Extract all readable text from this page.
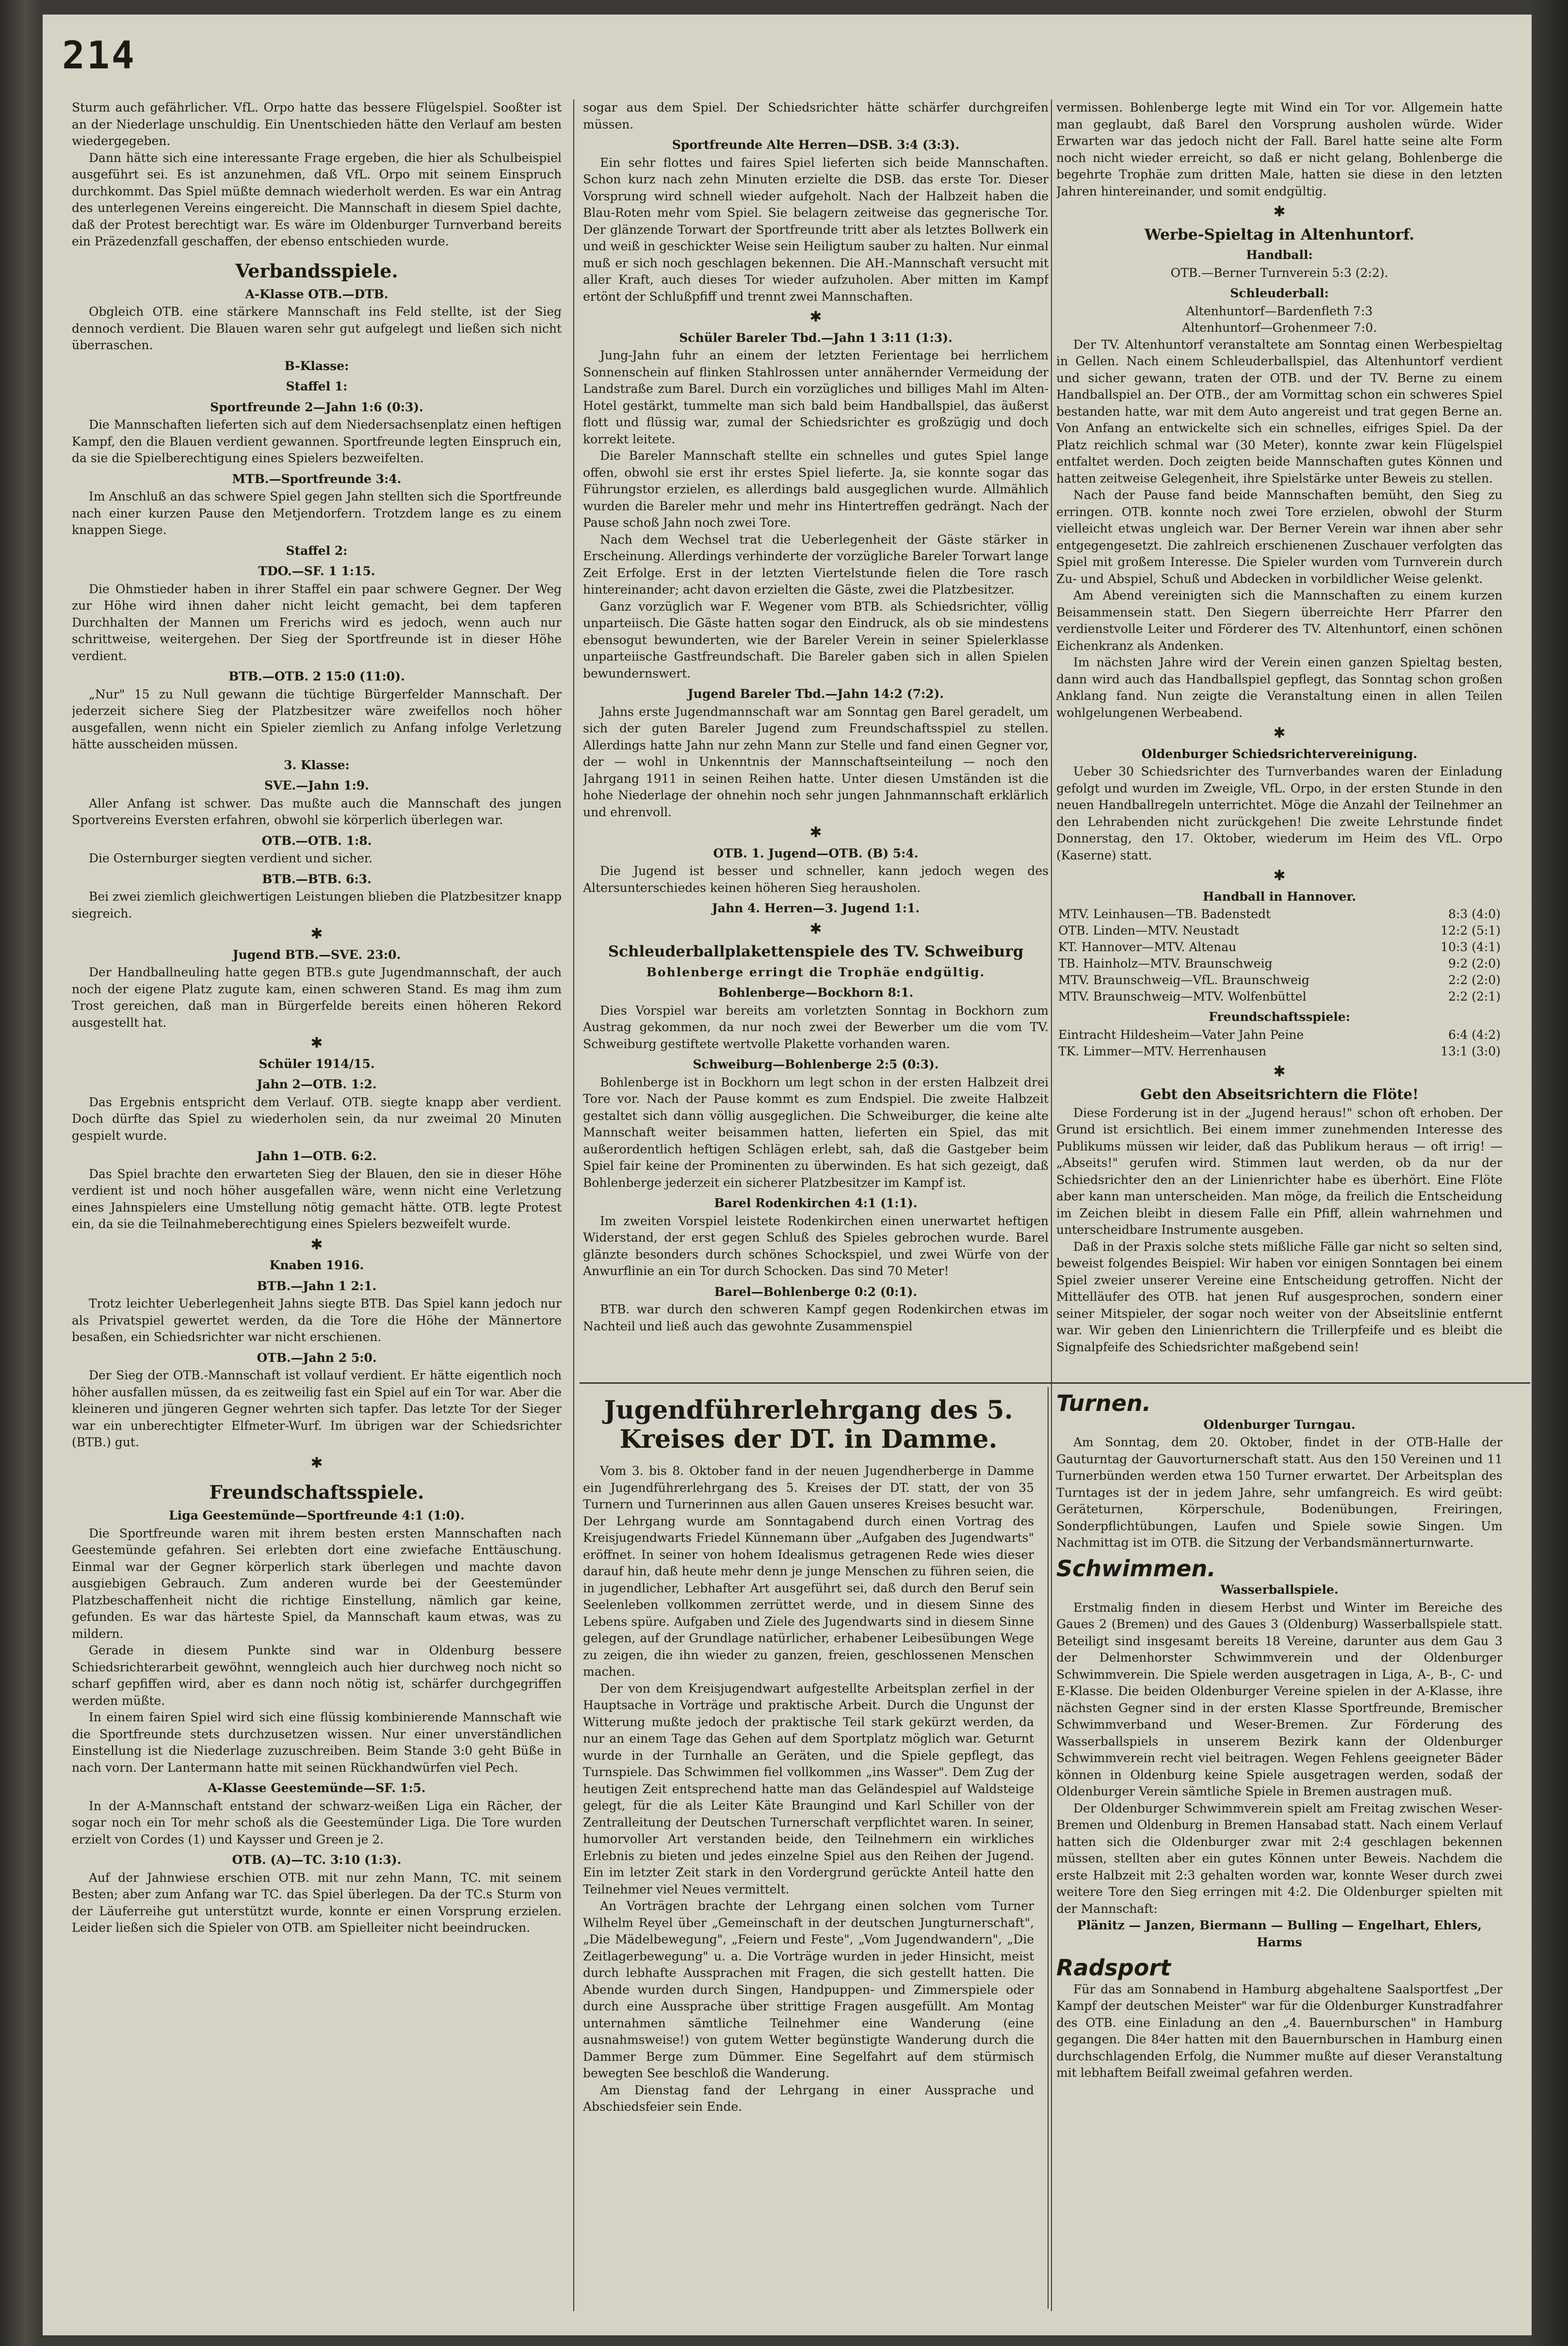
214

Sturm auch gefährlicher. VfL. Orpo hatte das bessere Flügelspiel. Sooßter ist an der Niederlage unschuldig. Ein Unentschieden hätte den Verlauf am besten wiedergegeben.

Dann hätte sich eine interessante Frage ergeben, die hier als Schulbeispiel ausgeführt sei. Es ist anzunehmen, daß VfL. Orpo mit seinem Einspruch durchkommt. Das Spiel müßte demnach wiederholt werden. Es war ein Antrag des unterlegenen Vereins eingereicht. Die Mannschaft in diesem Spiel dachte, daß der Protest berechtigt war. Es wäre im Oldenburger Turnverband bereits ein Präzedenzfall geschaffen, der ebenso entschieden wurde.

Verbandsspiele.
A-Klasse OTB.—DTB.

Obgleich OTB. eine stärkere Mannschaft ins Feld stellte, ist der Sieg dennoch verdient. Die Blauen waren sehr gut aufgelegt und ließen sich nicht überraschen.

B-Klasse:
Staffel 1:
Sportfreunde 2—Jahn 1:6 (0:3).

Die Mannschaften lieferten sich auf dem Niedersachsenplatz einen heftigen Kampf, den die Blauen verdient gewannen. Sportfreunde legten Einspruch ein, da sie die Spielberechtigung eines Spielers bezweifelten.

MTB.—Sportfreunde 3:4.

Im Anschluß an das schwere Spiel gegen Jahn stellten sich die Sportfreunde nach einer kurzen Pause den Metjendorfern. Trotzdem lange es zu einem knappen Siege.

Staffel 2:
TDO.—SF. 1 1:15.

Die Ohmstieder haben in ihrer Staffel ein paar schwere Gegner. Der Weg zur Höhe wird ihnen daher nicht leicht gemacht, bei dem tapferen Durchhalten der Mannen um Frerichs wird es jedoch, wenn auch nur schrittweise, weitergehen. Der Sieg der Sportfreunde ist in dieser Höhe verdient.

BTB.—OTB. 2 15:0 (11:0).

„Nur" 15 zu Null gewann die tüchtige Bürgerfelder Mannschaft. Der jederzeit sichere Sieg der Platzbesitzer wäre zweifellos noch höher ausgefallen, wenn nicht ein Spieler ziemlich zu Anfang infolge Verletzung hätte ausscheiden müssen.

3. Klasse:
SVE.—Jahn 1:9.

Aller Anfang ist schwer. Das mußte auch die Mannschaft des jungen Sportvereins Eversten erfahren, obwohl sie körperlich überlegen war.

OTB.—OTB. 1:8.

Die Osternburger siegten verdient und sicher.

BTB.—BTB. 6:3.

Bei zwei ziemlich gleichwertigen Leistungen blieben die Platzbesitzer knapp siegreich.

✱

Jugend BTB.—SVE. 23:0.

Der Handballneuling hatte gegen BTB.s gute Jugendmannschaft, der auch noch der eigene Platz zugute kam, einen schweren Stand. Es mag ihm zum Trost gereichen, daß man in Bürgerfelde bereits einen höheren Rekord ausgestellt hat.

✱

Schüler 1914/15.
Jahn 2—OTB. 1:2.

Das Ergebnis entspricht dem Verlauf. OTB. siegte knapp aber verdient. Doch dürfte das Spiel zu wiederholen sein, da nur zweimal 20 Minuten gespielt wurde.

Jahn 1—OTB. 6:2.

Das Spiel brachte den erwarteten Sieg der Blauen, den sie in dieser Höhe verdient ist und noch höher ausgefallen wäre, wenn nicht eine Verletzung eines Jahnspielers eine Umstellung nötig gemacht hätte. OTB. legte Protest ein, da sie die Teilnahmeberechtigung eines Spielers bezweifelt wurde.

✱

Knaben 1916.
BTB.—Jahn 1 2:1.

Trotz leichter Ueberlegenheit Jahns siegte BTB. Das Spiel kann jedoch nur als Privatspiel gewertet werden, da die Tore die Höhe der Männertore besaßen, ein Schiedsrichter war nicht erschienen.

OTB.—Jahn 2 5:0.

Der Sieg der OTB.-Mannschaft ist vollauf verdient. Er hätte eigentlich noch höher ausfallen müssen, da es zeitweilig fast ein Spiel auf ein Tor war. Aber die kleineren und jüngeren Gegner wehrten sich tapfer. Das letzte Tor der Sieger war ein unberechtigter Elfmeter-Wurf. Im übrigen war der Schiedsrichter (BTB.) gut.

✱

Freundschaftsspiele.
Liga Geestemünde—Sportfreunde 4:1 (1:0).

Die Sportfreunde waren mit ihrem besten ersten Mannschaften nach Geestemünde gefahren. Sei erlebten dort eine zwiefache Enttäuschung. Einmal war der Gegner körperlich stark überlegen und machte davon ausgiebigen Gebrauch. Zum anderen wurde bei der Geestemünder Platzbeschaffenheit nicht die richtige Einstellung, nämlich gar keine, gefunden. Es war das härteste Spiel, da Mannschaft kaum etwas, was zu mildern.

Gerade in diesem Punkte sind war in Oldenburg bessere Schiedsrichterarbeit gewöhnt, wenngleich auch hier durchweg noch nicht so scharf gepfiffen wird, aber es dann noch nötig ist, schärfer durchgegriffen werden müßte.

In einem fairen Spiel wird sich eine flüssig kombinierende Mannschaft wie die Sportfreunde stets durchzusetzen wissen. Nur einer unverständlichen Einstellung ist die Niederlage zuzuschreiben. Beim Stande 3:0 geht Büße in nach vorn. Der Lantermann hatte mit seinen Rückhandwürfen viel Pech.

A-Klasse Geestemünde—SF. 1:5.

In der A-Mannschaft entstand der schwarz-weißen Liga ein Rächer, der sogar noch ein Tor mehr schoß als die Geestemünder Liga. Die Tore wurden erzielt von Cordes (1) und Kaysser und Green je 2.

OTB. (A)—TC. 3:10 (1:3).

Auf der Jahnwiese erschien OTB. mit nur zehn Mann, TC. mit seinem Besten; aber zum Anfang war TC. das Spiel überlegen. Da der TC.s Sturm von der Läuferreihe gut unterstützt wurde, konnte er einen Vorsprung erzielen. Leider ließen sich die Spieler von OTB. am Spielleiter nicht beeindrucken.

sogar aus dem Spiel. Der Schiedsrichter hätte schärfer durchgreifen müssen.

Sportfreunde Alte Herren—DSB. 3:4 (3:3).

Ein sehr flottes und faires Spiel lieferten sich beide Mannschaften. Schon kurz nach zehn Minuten erzielte die DSB. das erste Tor. Dieser Vorsprung wird schnell wieder aufgeholt. Nach der Halbzeit haben die Blau-Roten mehr vom Spiel. Sie belagern zeitweise das gegnerische Tor. Der glänzende Torwart der Sportfreunde tritt aber als letztes Bollwerk ein und weiß in geschickter Weise sein Heiligtum sauber zu halten. Nur einmal muß er sich noch geschlagen bekennen. Die AH.-Mannschaft versucht mit aller Kraft, auch dieses Tor wieder aufzuholen. Aber mitten im Kampf ertönt der Schlußpfiff und trennt zwei Mannschaften.

✱

Schüler Bareler Tbd.—Jahn 1 3:11 (1:3).

Jung-Jahn fuhr an einem der letzten Ferientage bei herrlichem Sonnenschein auf flinken Stahlrossen unter annähernder Vermeidung der Landstraße zum Barel. Durch ein vorzügliches und billiges Mahl im Alten-Hotel gestärkt, tummelte man sich bald beim Handballspiel, das äußerst flott und flüssig war, zumal der Schiedsrichter es großzügig und doch korrekt leitete.

Die Bareler Mannschaft stellte ein schnelles und gutes Spiel lange offen, obwohl sie erst ihr erstes Spiel lieferte. Ja, sie konnte sogar das Führungstor erzielen, es allerdings bald ausgeglichen wurde. Allmählich wurden die Bareler mehr und mehr ins Hintertreffen gedrängt. Nach der Pause schoß Jahn noch zwei Tore.

Nach dem Wechsel trat die Ueberlegenheit der Gäste stärker in Erscheinung. Allerdings verhinderte der vorzügliche Bareler Torwart lange Zeit Erfolge. Erst in der letzten Viertelstunde fielen die Tore rasch hintereinander; acht davon erzielten die Gäste, zwei die Platzbesitzer.

Ganz vorzüglich war F. Wegener vom BTB. als Schiedsrichter, völlig unparteiisch. Die Gäste hatten sogar den Eindruck, als ob sie mindestens ebensogut bewunderten, wie der Bareler Verein in seiner Spielerklasse unparteiische Gastfreundschaft. Die Bareler gaben sich in allen Spielen bewundernswert.

Jugend Bareler Tbd.—Jahn 14:2 (7:2).

Jahns erste Jugendmannschaft war am Sonntag gen Barel geradelt, um sich der guten Bareler Jugend zum Freundschaftsspiel zu stellen. Allerdings hatte Jahn nur zehn Mann zur Stelle und fand einen Gegner vor, der — wohl in Unkenntnis der Mannschaftseinteilung — noch den Jahrgang 1911 in seinen Reihen hatte. Unter diesen Umständen ist die hohe Niederlage der ohnehin noch sehr jungen Jahnmannschaft erklärlich und ehrenvoll.

✱

OTB. 1. Jugend—OTB. (B) 5:4.

Die Jugend ist besser und schneller, kann jedoch wegen des Altersunterschiedes keinen höheren Sieg herausholen.

Jahn 4. Herren—3. Jugend 1:1.

✱

Schleuderballplakettenspiele des TV. Schweiburg
Bohlenberge erringt die Trophäe endgültig.
Bohlenberge—Bockhorn 8:1.

Dies Vorspiel war bereits am vorletzten Sonntag in Bockhorn zum Austrag gekommen, da nur noch zwei der Bewerber um die vom TV. Schweiburg gestiftete wertvolle Plakette vorhanden waren.

Schweiburg—Bohlenberge 2:5 (0:3).

Bohlenberge ist in Bockhorn um legt schon in der ersten Halbzeit drei Tore vor. Nach der Pause kommt es zum Endspiel. Die zweite Halbzeit gestaltet sich dann völlig ausgeglichen. Die Schweiburger, die keine alte Mannschaft weiter beisammen hatten, lieferten ein Spiel, das mit außerordentlich heftigen Schlägen erlebt, sah, daß die Gastgeber beim Spiel fair keine der Prominenten zu überwinden. Es hat sich gezeigt, daß Bohlenberge jederzeit ein sicherer Platzbesitzer im Kampf ist.

Barel Rodenkirchen 4:1 (1:1).

Im zweiten Vorspiel leistete Rodenkirchen einen unerwartet heftigen Widerstand, der erst gegen Schluß des Spieles gebrochen wurde. Barel glänzte besonders durch schönes Schockspiel, und zwei Würfe von der Anwurflinie an ein Tor durch Schocken. Das sind 70 Meter!

Barel—Bohlenberge 0:2 (0:1).

BTB. war durch den schweren Kampf gegen Rodenkirchen etwas im Nachteil und ließ auch das gewohnte Zusammenspiel

vermissen. Bohlenberge legte mit Wind ein Tor vor. Allgemein hatte man geglaubt, daß Barel den Vorsprung ausholen würde. Wider Erwarten war das jedoch nicht der Fall. Barel hatte seine alte Form noch nicht wieder erreicht, so daß er nicht gelang, Bohlenberge die begehrte Trophäe zum dritten Male, hatten sie diese in den letzten Jahren hintereinander, und somit endgültig.

✱

Werbe-Spieltag in Altenhuntorf.
Handball:

OTB.—Berner Turnverein 5:3 (2:2).

Schleuderball:

Altenhuntorf—Bardenfleth 7:3

Altenhuntorf—Grohenmeer 7:0.

Der TV. Altenhuntorf veranstaltete am Sonntag einen Werbespieltag in Gellen. Nach einem Schleuderballspiel, das Altenhuntorf verdient und sicher gewann, traten der OTB. und der TV. Berne zu einem Handballspiel an. Der OTB., der am Vormittag schon ein schweres Spiel bestanden hatte, war mit dem Auto angereist und trat gegen Berne an. Von Anfang an entwickelte sich ein schnelles, eifriges Spiel. Da der Platz reichlich schmal war (30 Meter), konnte zwar kein Flügelspiel entfaltet werden. Doch zeigten beide Mannschaften gutes Können und hatten zeitweise Gelegenheit, ihre Spielstärke unter Beweis zu stellen.

Nach der Pause fand beide Mannschaften bemüht, den Sieg zu erringen. OTB. konnte noch zwei Tore erzielen, obwohl der Sturm vielleicht etwas ungleich war. Der Berner Verein war ihnen aber sehr entgegengesetzt. Die zahlreich erschienenen Zuschauer verfolgten das Spiel mit großem Interesse. Die Spieler wurden vom Turnverein durch Zu- und Abspiel, Schuß und Abdecken in vorbildlicher Weise gelenkt.

Am Abend vereinigten sich die Mannschaften zu einem kurzen Beisammensein statt. Den Siegern überreichte Herr Pfarrer den verdienstvolle Leiter und Förderer des TV. Altenhuntorf, einen schönen Eichenkranz als Andenken.

Im nächsten Jahre wird der Verein einen ganzen Spieltag besten, dann wird auch das Handballspiel gepflegt, das Sonntag schon großen Anklang fand. Nun zeigte die Veranstaltung einen in allen Teilen wohlgelungenen Werbeabend.

✱

Oldenburger Schiedsrichtervereinigung.

Ueber 30 Schiedsrichter des Turnverbandes waren der Einladung gefolgt und wurden im Zweigle, VfL. Orpo, in der ersten Stunde in den neuen Handballregeln unterrichtet. Möge die Anzahl der Teilnehmer an den Lehrabenden nicht zurückgehen! Die zweite Lehrstunde findet Donnerstag, den 17. Oktober, wiederum im Heim des VfL. Orpo (Kaserne) statt.

✱

Handball in Hannover.
MTV. Leinhausen—TB. Badenstedt	8:3 (4:0)
OTB. Linden—MTV. Neustadt	12:2 (5:1)
KT. Hannover—MTV. Altenau	10:3 (4:1)
TB. Hainholz—MTV. Braunschweig	9:2 (2:0)
MTV. Braunschweig—VfL. Braunschweig	2:2 (2:0)
MTV. Braunschweig—MTV. Wolfenbüttel	2:2 (2:1)
Freundschaftsspiele:
Eintracht Hildesheim—Vater Jahn Peine	6:4 (4:2)
TK. Limmer—MTV. Herrenhausen	13:1 (3:0)

✱

Gebt den Abseitsrichtern die Flöte!

Diese Forderung ist in der „Jugend heraus!" schon oft erhoben. Der Grund ist ersichtlich. Bei einem immer zunehmenden Interesse des Publikums müssen wir leider, daß das Publikum heraus — oft irrig! — „Abseits!" gerufen wird. Stimmen laut werden, ob da nur der Schiedsrichter den an der Linienrichter habe es überhört. Eine Flöte aber kann man unterscheiden. Man möge, da freilich die Entscheidung im Zeichen bleibt in diesem Falle ein Pfiff, allein wahrnehmen und unterscheidbare Instrumente ausgeben.

Daß in der Praxis solche stets mißliche Fälle gar nicht so selten sind, beweist folgendes Beispiel: Wir haben vor einigen Sonntagen bei einem Spiel zweier unserer Vereine eine Entscheidung getroffen. Nicht der Mittelläufer des OTB. hat jenen Ruf ausgesprochen, sondern einer seiner Mitspieler, der sogar noch weiter von der Abseitslinie entfernt war. Wir geben den Linienrichtern die Trillerpfeife und es bleibt die Signalpfeife des Schiedsrichter maßgebend sein!

Jugendführerlehrgang des 5. Kreises der DT. in Damme.

Vom 3. bis 8. Oktober fand in der neuen Jugendherberge in Damme ein Jugendführerlehrgang des 5. Kreises der DT. statt, der von 35 Turnern und Turnerinnen aus allen Gauen unseres Kreises besucht war. Der Lehrgang wurde am Sonntagabend durch einen Vortrag des Kreisjugendwarts Friedel Künnemann über „Aufgaben des Jugendwarts" eröffnet. In seiner von hohem Idealismus getragenen Rede wies dieser darauf hin, daß heute mehr denn je junge Menschen zu führen seien, die in jugendlicher, Lebhafter Art ausgeführt sei, daß durch den Beruf sein Seelenleben vollkommen zerrüttet werde, und in diesem Sinne des Lebens spüre. Aufgaben und Ziele des Jugendwarts sind in diesem Sinne gelegen, auf der Grundlage natürlicher, erhabener Leibesübungen Wege zu zeigen, die ihn wieder zu ganzen, freien, geschlossenen Menschen machen.

Der von dem Kreisjugendwart aufgestellte Arbeitsplan zerfiel in der Hauptsache in Vorträge und praktische Arbeit. Durch die Ungunst der Witterung mußte jedoch der praktische Teil stark gekürzt werden, da nur an einem Tage das Gehen auf dem Sportplatz möglich war. Geturnt wurde in der Turnhalle an Geräten, und die Spiele gepflegt, das Turnspiele. Das Schwimmen fiel vollkommen „ins Wasser". Dem Zug der heutigen Zeit entsprechend hatte man das Geländespiel auf Waldsteige gelegt, für die als Leiter Käte Braungind und Karl Schiller von der Zentralleitung der Deutschen Turnerschaft verpflichtet waren. In seiner, humorvoller Art verstanden beide, den Teilnehmern ein wirkliches Erlebnis zu bieten und jedes einzelne Spiel aus den Reihen der Jugend. Ein im letzter Zeit stark in den Vordergrund gerückte Anteil hatte den Teilnehmer viel Neues vermittelt.

An Vorträgen brachte der Lehrgang einen solchen vom Turner Wilhelm Reyel über „Gemeinschaft in der deutschen Jungturnerschaft", „Die Mädelbewegung", „Feiern und Feste", „Vom Jugendwandern", „Die Zeitlagerbewegung" u. a. Die Vorträge wurden in jeder Hinsicht, meist durch lebhafte Aussprachen mit Fragen, die sich gestellt hatten. Die Abende wurden durch Singen, Handpuppen- und Zimmerspiele oder durch eine Aussprache über strittige Fragen ausgefüllt. Am Montag unternahmen sämtliche Teilnehmer eine Wanderung (eine ausnahmsweise!) von gutem Wetter begünstigte Wanderung durch die Dammer Berge zum Dümmer. Eine Segelfahrt auf dem stürmisch bewegten See beschloß die Wanderung.

Am Dienstag fand der Lehrgang in einer Aussprache und Abschiedsfeier sein Ende.

Turnen.
Oldenburger Turngau.

Am Sonntag, dem 20. Oktober, findet in der OTB-Halle der Gauturntag der Gauvorturnerschaft statt. Aus den 150 Vereinen und 11 Turnerbünden werden etwa 150 Turner erwartet. Der Arbeitsplan des Turntages ist der in jedem Jahre, sehr umfangreich. Es wird geübt: Geräteturnen, Körperschule, Bodenübungen, Freiringen, Sonderpflichtübungen, Laufen und Spiele sowie Singen. Um Nachmittag ist im OTB. die Sitzung der Verbandsmännerturnwarte.

Schwimmen.
Wasserballspiele.

Erstmalig finden in diesem Herbst und Winter im Bereiche des Gaues 2 (Bremen) und des Gaues 3 (Oldenburg) Wasserballspiele statt. Beteiligt sind insgesamt bereits 18 Vereine, darunter aus dem Gau 3 der Delmenhorster Schwimmverein und der Oldenburger Schwimmverein. Die Spiele werden ausgetragen in Liga, A-, B-, C- und E-Klasse. Die beiden Oldenburger Vereine spielen in der A-Klasse, ihre nächsten Gegner sind in der ersten Klasse Sportfreunde, Bremischer Schwimmverband und Weser-Bremen. Zur Förderung des Wasserballspiels in unserem Bezirk kann der Oldenburger Schwimmverein recht viel beitragen. Wegen Fehlens geeigneter Bäder können in Oldenburg keine Spiele ausgetragen werden, sodaß der Oldenburger Verein sämtliche Spiele in Bremen austragen muß.

Der Oldenburger Schwimmverein spielt am Freitag zwischen Weser-Bremen und Oldenburg in Bremen Hansabad statt. Nach einem Verlauf hatten sich die Oldenburger zwar mit 2:4 geschlagen bekennen müssen, stellten aber ein gutes Können unter Beweis. Nachdem die erste Halbzeit mit 2:3 gehalten worden war, konnte Weser durch zwei weitere Tore den Sieg erringen mit 4:2. Die Oldenburger spielten mit der Mannschaft:

Plänitz — Janzen, Biermann — Bulling — Engelhart, Ehlers, Harms

Radsport

Für das am Sonnabend in Hamburg abgehaltene Saalsportfest „Der Kampf der deutschen Meister" war für die Oldenburger Kunstradfahrer des OTB. eine Einladung an den „4. Bauernburschen" in Hamburg gegangen. Die 84er hatten mit den Bauernburschen in Hamburg einen durchschlagenden Erfolg, die Nummer mußte auf dieser Veranstaltung mit lebhaftem Beifall zweimal gefahren werden.
